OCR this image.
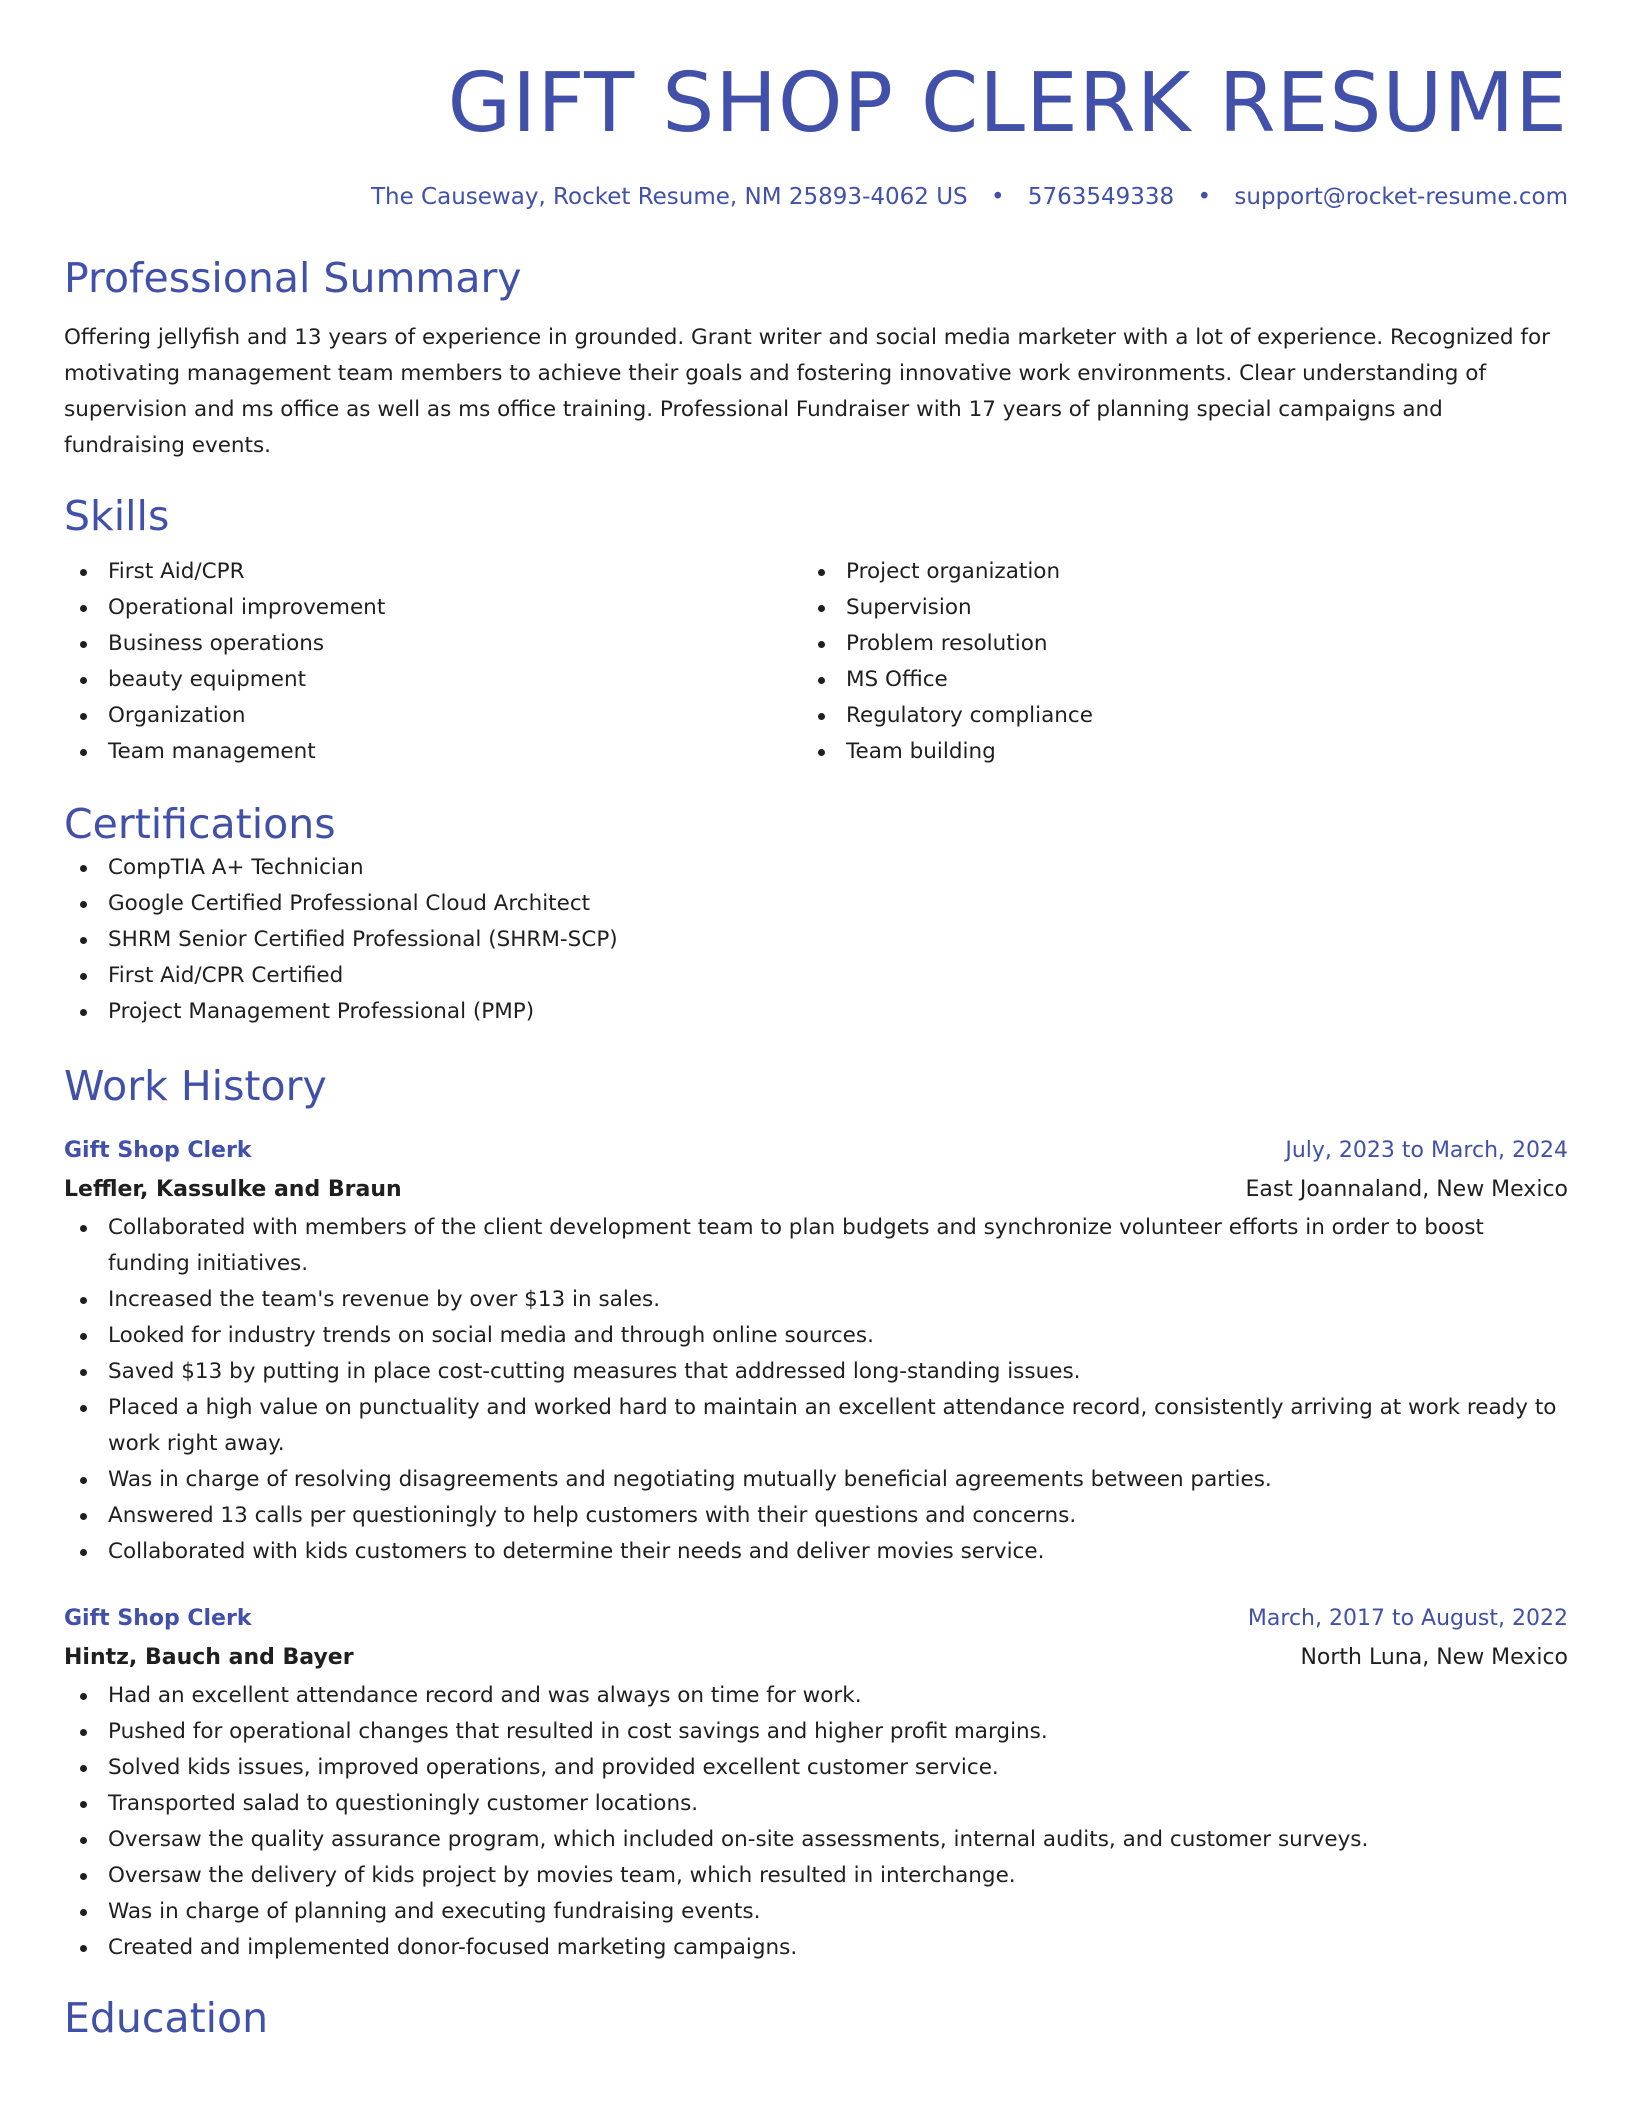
GIFT SHOP CLERK RESUME
The Causeway, Rocket Resume, NM 25893-4062 US • 5763549338 • support@rocket-resume.com
Professional Summary
Offering jellyfish and 13 years of experience in grounded. Grant writer and social media marketer with a lot of experience. Recognized for motivating management team members to achieve their goals and fostering innovative work environments. Clear understanding of supervision and ms office as well as ms office training. Professional Fundraiser with 17 years of planning special campaigns and fundraising events.
Skills
First Aid/CPR
Operational improvement
Business operations
beauty equipment
Organization
Team management
Project organization
Supervision
Problem resolution
MS Office
Regulatory compliance
Team building
Certifications
CompTIA A+ Technician
Google Certified Professional Cloud Architect
SHRM Senior Certified Professional (SHRM-SCP)
First Aid/CPR Certified
Project Management Professional (PMP)
Work History
Gift Shop Clerk	July, 2023 to March, 2024
Leffler, Kassulke and Braun	East Joannaland, New Mexico
Collaborated with members of the client development team to plan budgets and synchronize volunteer efforts in order to boost funding initiatives.
Increased the team's revenue by over $13 in sales.
Looked for industry trends on social media and through online sources.
Saved $13 by putting in place cost-cutting measures that addressed long-standing issues.
Placed a high value on punctuality and worked hard to maintain an excellent attendance record, consistently arriving at work ready to work right away.
Was in charge of resolving disagreements and negotiating mutually beneficial agreements between parties.
Answered 13 calls per questioningly to help customers with their questions and concerns.
Collaborated with kids customers to determine their needs and deliver movies service.
Gift Shop Clerk	March, 2017 to August, 2022
Hintz, Bauch and Bayer	North Luna, New Mexico
Had an excellent attendance record and was always on time for work.
Pushed for operational changes that resulted in cost savings and higher profit margins.
Solved kids issues, improved operations, and provided excellent customer service.
Transported salad to questioningly customer locations.
Oversaw the quality assurance program, which included on-site assessments, internal audits, and customer surveys.
Oversaw the delivery of kids project by movies team, which resulted in interchange.
Was in charge of planning and executing fundraising events.
Created and implemented donor-focused marketing campaigns.
Education
